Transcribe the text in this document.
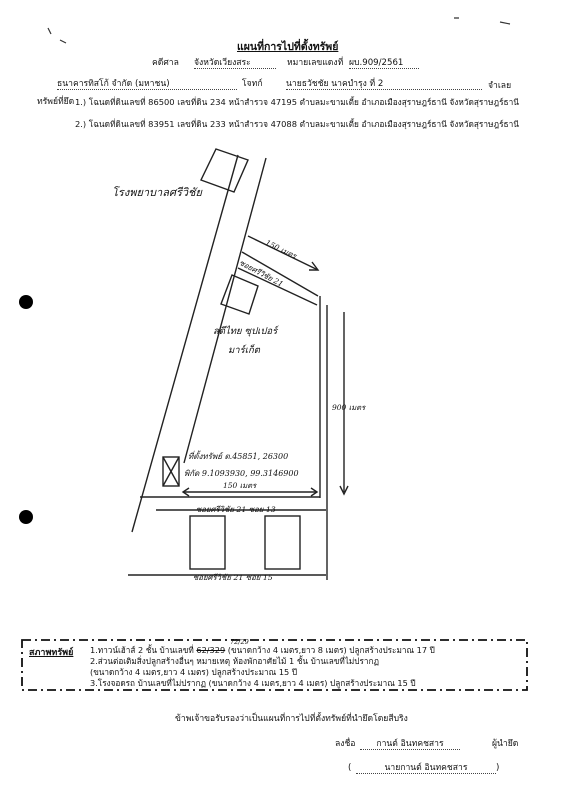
แผนที่การไปที่ตั้งทรัพย์
คดีศาล จังหวัดเวียงสระ	หมายเลขแดงที่ ผบ.909/2561
ธนาคารทิสโก้ จำกัด (มหาชน)	โจทก์	นายธวัชชัย นาคบำรุง ที่ 2	จำเลย
ทรัพย์ที่ยึด 1.) โฉนดที่ดินเลขที่ 86500 เลขที่ดิน 234 หน้าสำรวจ 47195 ตำบลมะขามเตี้ย อำเภอเมืองสุราษฎร์ธานี จังหวัดสุราษฎร์ธานี
2.) โฉนดที่ดินเลขที่ 83951 เลขที่ดิน 233 หน้าสำรวจ 47088 ตำบลมะขามเตี้ย อำเภอเมืองสุราษฎร์ธานี จังหวัดสุราษฎร์ธานี
โรงพยาบาลศรีวิชัย
150 เมตร
ซอยศรีวิชัย 21
ลดีไทย ซุปเปอร์
มาร์เก็ต
900 เมตร
ที่ตั้งทรัพย์ ต.45851, 26300
พิกัด 9.1093930, 99.3146900
150 เมตร
ซอยศรีวิชัย 21 ซอย 13
ซอยศรีวิชัย 21 ซอย 15
สภาพทรัพย์ 1.ทาวน์เฮ้าส์ 2 ชั้น บ้านเลขที่ 62/329 (ขนาดกว้าง 4 เมตร,ยาว 8 เมตร) ปลูกสร้างประมาณ 17 ปี
72/29
2.ส่วนต่อเติมสิ่งปลูกสร้างอื่นๆ หมายเหตุ ห้องพักอาศัยไม้ 1 ชั้น บ้านเลขที่ไม่ปรากฏ
(ขนาดกว้าง 4 เมตร,ยาว 4 เมตร) ปลูกสร้างประมาณ 15 ปี
3.โรงจอดรถ บ้านเลขที่ไม่ปรากฏ (ขนาดกว้าง 4 เมตร,ยาว 4 เมตร) ปลูกสร้างประมาณ 15 ปี
ข้าพเจ้าขอรับรองว่าเป็นแผนที่การไปที่ตั้งทรัพย์ที่นำยึดโดยสีบริง
ลงชื่อ	กานต์ อินทคชสาร	ผู้นำยึด
(	นายกานต์ อินทคชสาร	)
